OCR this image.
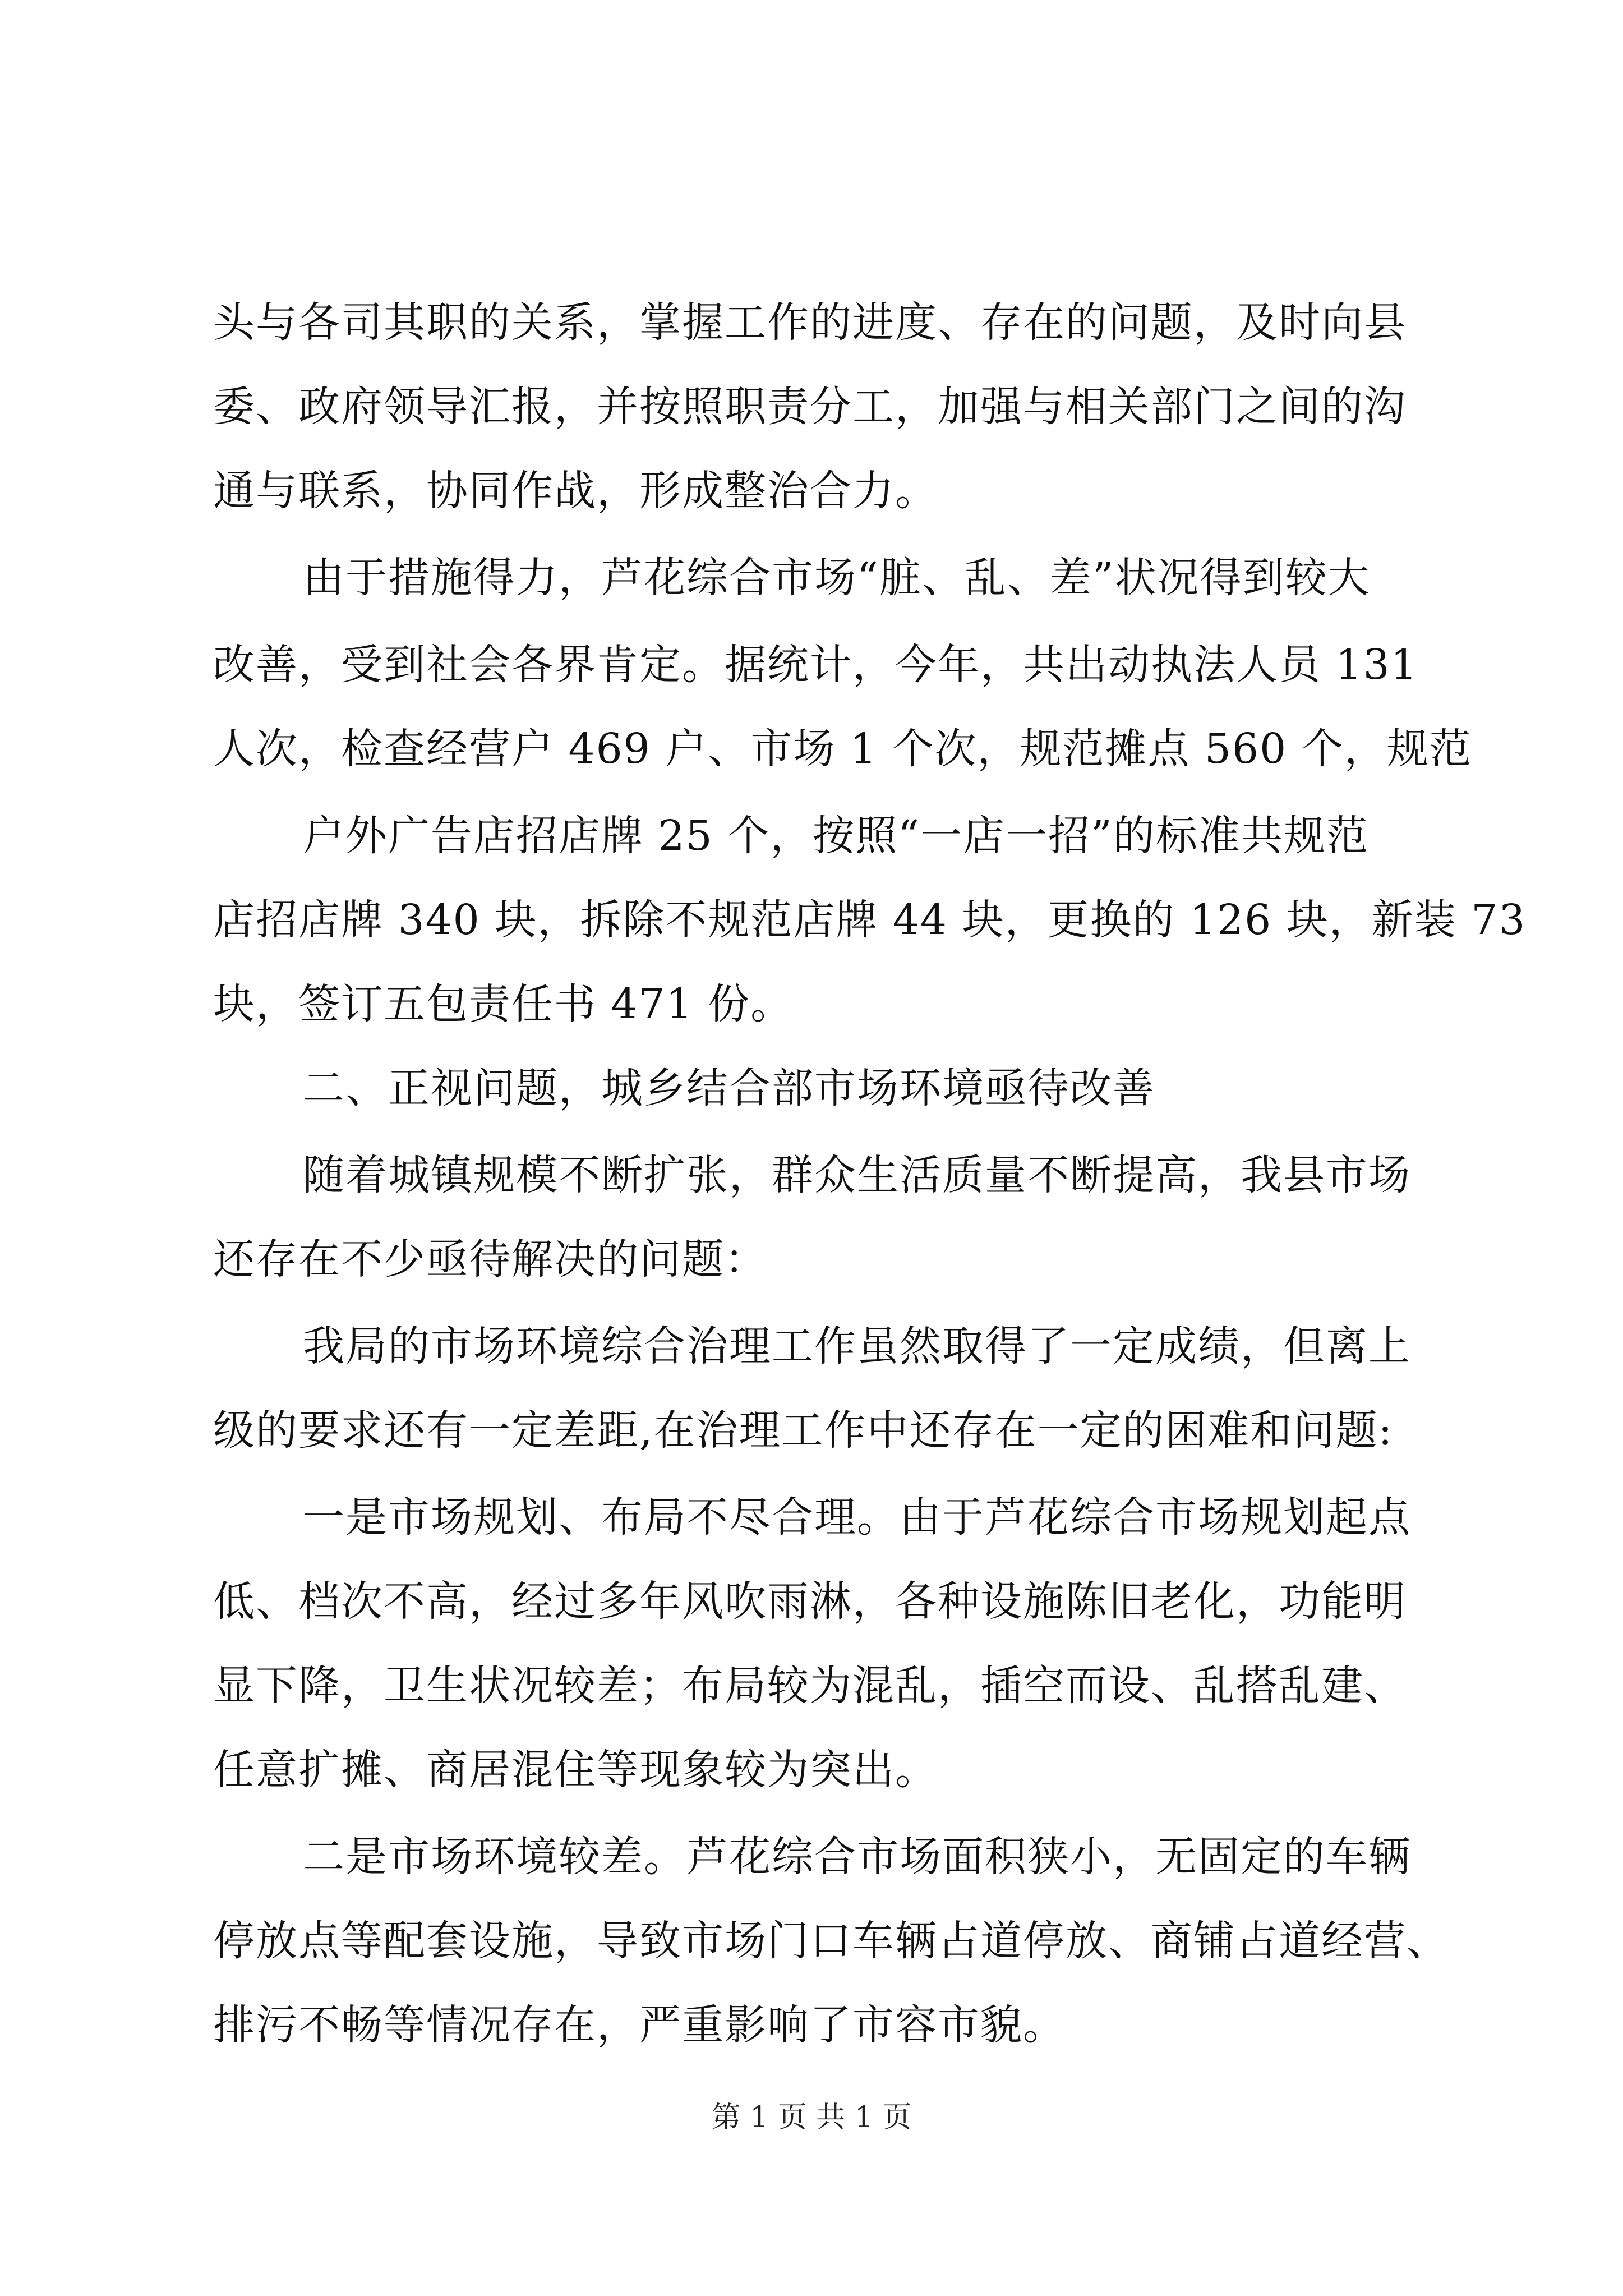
头与各司其职的关系，掌握工作的进度、存在的问题，及时向县
委、政府领导汇报，并按照职责分工，加强与相关部门之间的沟
通与联系，协同作战，形成整治合力。
由于措施得力，芦花综合市场“脏、乱、差”状况得到较大
改善，受到社会各界肯定。据统计，今年，共出动执法人员 131
人次，检查经营户 469 户、市场 1 个次，规范摊点 560 个，规范
户外广告店招店牌 25 个，按照“一店一招”的标准共规范
店招店牌 340 块，拆除不规范店牌 44 块，更换的 126 块，新装 73
块，签订五包责任书 471 份。
二、正视问题，城乡结合部市场环境亟待改善
随着城镇规模不断扩张，群众生活质量不断提高，我县市场
还存在不少亟待解决的问题：
我局的市场环境综合治理工作虽然取得了一定成绩，但离上
级的要求还有一定差距,在治理工作中还存在一定的困难和问题:
一是市场规划、布局不尽合理。由于芦花综合市场规划起点
低、档次不高，经过多年风吹雨淋，各种设施陈旧老化，功能明
显下降，卫生状况较差；布局较为混乱，插空而设、乱搭乱建、
任意扩摊、商居混住等现象较为突出。
二是市场环境较差。芦花综合市场面积狭小，无固定的车辆
停放点等配套设施，导致市场门口车辆占道停放、商铺占道经营、
排污不畅等情况存在，严重影响了市容市貌。
第 1 页 共 1 页
